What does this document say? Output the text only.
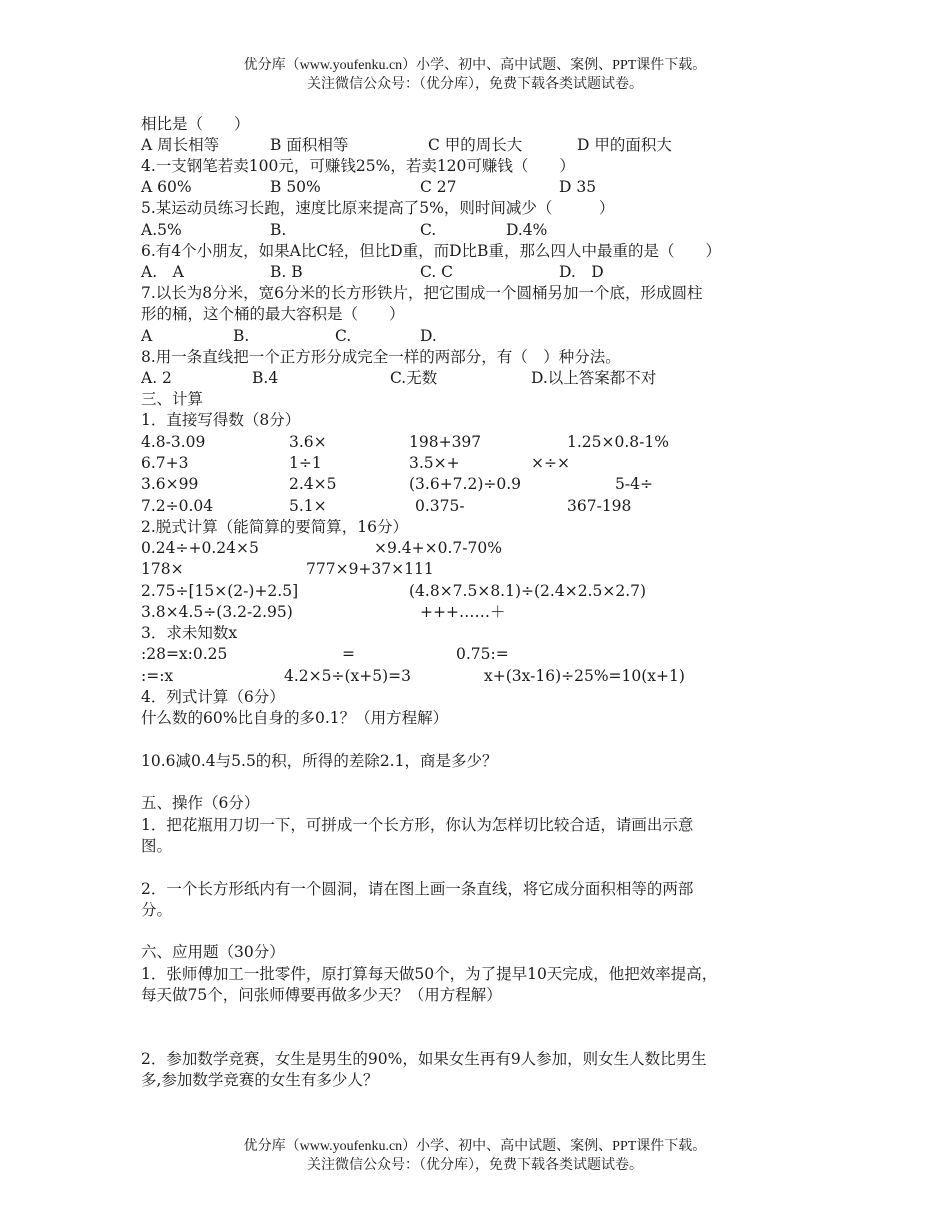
优分库（www.youfenku.cn）小学、初中、高中试题、案例、PPT课件下载。
关注微信公众号：（优分库），免费下载各类试题试卷。
相比是（　　）
A 周长相等	B 面积相等	C 甲的周长大	D 甲的面积大
4.一支钢笔若卖100元，可赚钱25%，若卖120可赚钱（　　）
A 60%	B 50%	C 27	D 35
5.某运动员练习长跑，速度比原来提高了5%，则时间减少（　　　）
A.5%	B.	C.	D.4%
6.有4个小朋友，如果A比C轻，但比D重，而D比B重，那么四人中最重的是（　　）
A.　A	B. B	C. C	D.　D
7.以长为8分米，宽6分米的长方形铁片，把它围成一个圆桶另加一个底，形成圆柱
形的桶，这个桶的最大容积是（　　）
A	B.	C.	D.
8.用一条直线把一个正方形分成完全一样的两部分，有（　）种分法。
A. 2	B.4	C.无数	D.以上答案都不对
三、计算
1．直接写得数（8分）
4.8-3.09	3.6×	198+397	1.25×0.8-1%
6.7+3	1÷1	3.5×+	×÷×
3.6×99	2.4×5	(3.6+7.2)÷0.9	5-4÷
7.2÷0.04	5.1×	0.375-	367-198
2.脱式计算（能简算的要简算，16分）
0.24÷+0.24×5	×9.4+×0.7-70%
178×	777×9+37×111
2.75÷[15×(2-)+2.5]	(4.8×7.5×8.1)÷(2.4×2.5×2.7)
3.8×4.5÷(3.2-2.95)	+++……＋
3．求未知数x
:28=x:0.25	=	0.75:=
:=:x	4.2×5÷(x+5)=3	x+(3x-16)÷25%=10(x+1)
4．列式计算（6分）
什么数的60%比自身的多0.1？（用方程解）
10.6减0.4与5.5的积，所得的差除2.1，商是多少？
五、操作（6分）
1．把花瓶用刀切一下，可拼成一个长方形，你认为怎样切比较合适，请画出示意
图。
2．一个长方形纸内有一个圆洞，请在图上画一条直线，将它成分面积相等的两部
分。
六、应用题（30分）
1．张师傅加工一批零件，原打算每天做50个，为了提早10天完成，他把效率提高，
每天做75个，问张师傅要再做多少天？（用方程解）
2．参加数学竞赛，女生是男生的90%，如果女生再有9人参加，则女生人数比男生
多,参加数学竞赛的女生有多少人？
优分库（www.youfenku.cn）小学、初中、高中试题、案例、PPT课件下载。
关注微信公众号：（优分库），免费下载各类试题试卷。
